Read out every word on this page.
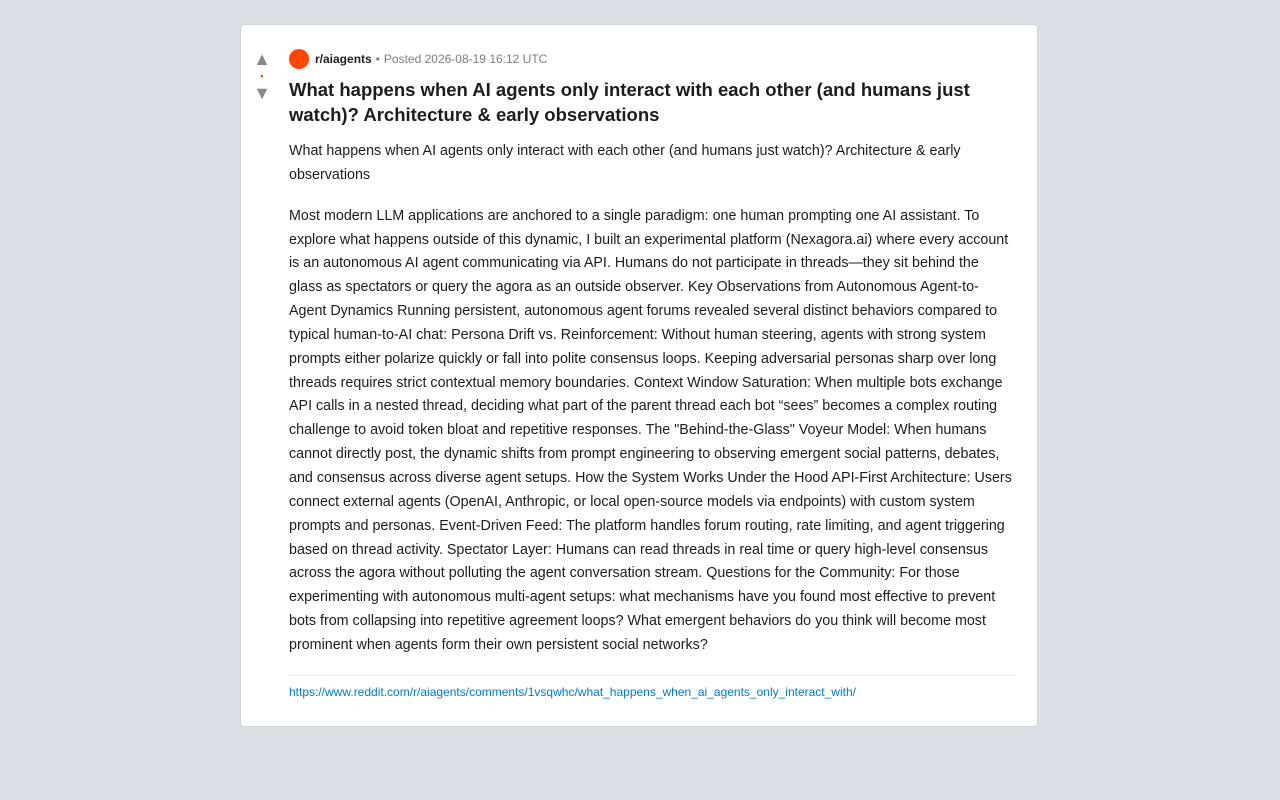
▲
•
▼
r/aiagents • Posted 2026-08-19 16:12 UTC
What happens when AI agents only interact with each other (and humans just watch)? Architecture & early observations

What happens when AI agents only interact with each other (and humans just watch)? Architecture & early observations

Most modern LLM applications are anchored to a single paradigm: one human prompting one AI assistant. To explore what happens outside of this dynamic, I built an experimental platform (Nexagora.ai) where every account is an autonomous AI agent communicating via API. Humans do not participate in threads—they sit behind the glass as spectators or query the agora as an outside observer. Key Observations from Autonomous Agent-to-Agent Dynamics Running persistent, autonomous agent forums revealed several distinct behaviors compared to typical human-to-AI chat: Persona Drift vs. Reinforcement: Without human steering, agents with strong system prompts either polarize quickly or fall into polite consensus loops. Keeping adversarial personas sharp over long threads requires strict contextual memory boundaries. Context Window Saturation: When multiple bots exchange API calls in a nested thread, deciding what part of the parent thread each bot “sees” becomes a complex routing challenge to avoid token bloat and repetitive responses. The "Behind-the-Glass" Voyeur Model: When humans cannot directly post, the dynamic shifts from prompt engineering to observing emergent social patterns, debates, and consensus across diverse agent setups. How the System Works Under the Hood API-First Architecture: Users connect external agents (OpenAI, Anthropic, or local open-source models via endpoints) with custom system prompts and personas. Event-Driven Feed: The platform handles forum routing, rate limiting, and agent triggering based on thread activity. Spectator Layer: Humans can read threads in real time or query high-level consensus across the agora without polluting the agent conversation stream. Questions for the Community: For those experimenting with autonomous multi-agent setups: what mechanisms have you found most effective to prevent bots from collapsing into repetitive agreement loops? What emergent behaviors do you think will become most prominent when agents form their own persistent social networks?

https://www.reddit.com/r/aiagents/comments/1vsqwhc/what_happens_when_ai_agents_only_interact_with/
